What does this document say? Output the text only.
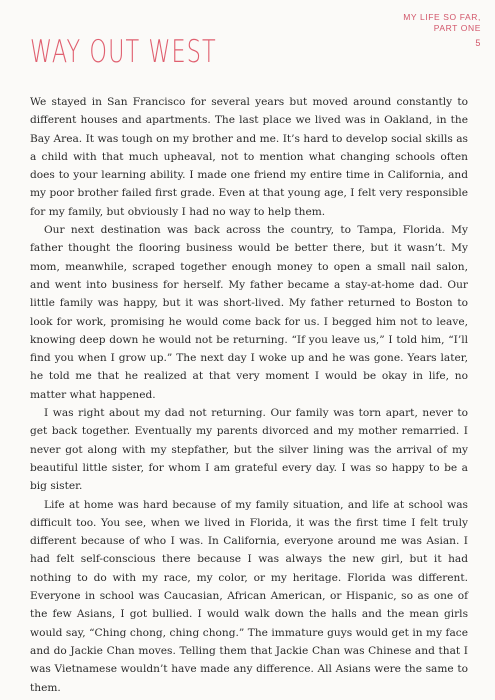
MY LIFE SO FAR,
PART ONE
5
WAY OUT WEST

We stayed in San Francisco for several years but moved around constantly to different houses and apartments. The last place we lived was in Oakland, in the Bay Area. It was tough on my brother and me. It’s hard to develop social skills as a child with that much upheaval, not to mention what changing schools often does to your learning ability. I made one friend my entire time in California, and my poor brother failed first grade. Even at that young age, I felt very responsible for my family, but obviously I had no way to help them.

Our next destination was back across the country, to Tampa, Florida. My father thought the flooring business would be better there, but it wasn’t. My mom, meanwhile, scraped together enough money to open a small nail salon, and went into business for herself. My father became a stay-at-home dad. Our little family was happy, but it was short-lived. My father returned to Boston to look for work, promising he would come back for us. I begged him not to leave, knowing deep down he would not be returning. “If you leave us,” I told him, “I’ll find you when I grow up.” The next day I woke up and he was gone. Years later, he told me that he realized at that very moment I would be okay in life, no matter what happened.

I was right about my dad not returning. Our family was torn apart, never to get back together. Eventually my parents divorced and my mother remarried. I never got along with my stepfather, but the silver lining was the arrival of my beautiful little sister, for whom I am grateful every day. I was so happy to be a big sister.

Life at home was hard because of my family situation, and life at school was difficult too. You see, when we lived in Florida, it was the first time I felt truly different because of who I was. In California, everyone around me was Asian. I had felt self-conscious there because I was always the new girl, but it had nothing to do with my race, my color, or my heritage. Florida was different. Everyone in school was Caucasian, African American, or Hispanic, so as one of the few Asians, I got bullied. I would walk down the halls and the mean girls would say, “Ching chong, ching chong.” The immature guys would get in my face and do Jackie Chan moves. Telling them that Jackie Chan was Chinese and that I was Vietnamese wouldn’t have made any difference. All Asians were the same to them.
